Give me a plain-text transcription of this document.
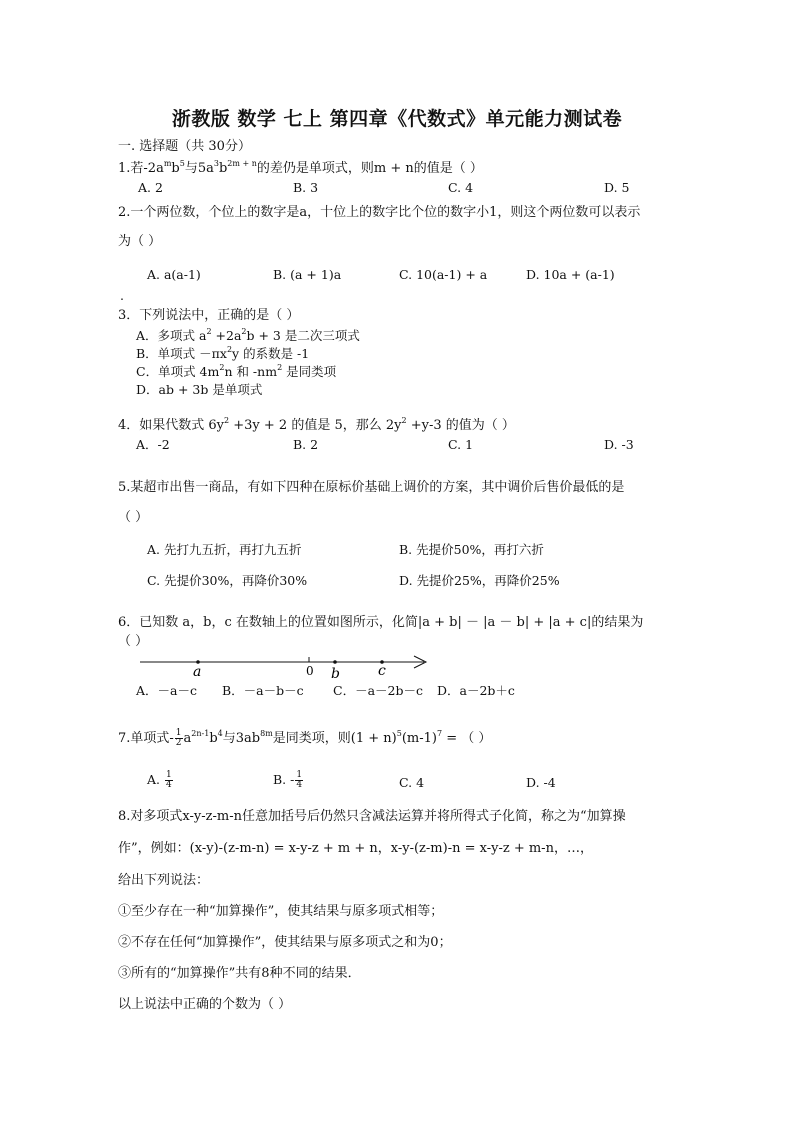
浙教版 数学 七上 第四章《代数式》单元能力测试卷
一. 选择题（共 30分）
1.若$-2a^mb^5$与$5a^3b^{2m + n}$的差仍是单项式，则m + n的值是（ ）
A. 2	B. 3	C. 4	D. 5
2.一个两位数，个位上的数字是a，十位上的数字比个位的数字小1，则这个两位数可以表示
为（ ）
A. a(a-1)	B. (a + 1)a	C. 10(a-1) + a	D. 10a + (a-1)
.
3．下列说法中，正确的是（ ）
A．多项式 $a^2 +2a^2b + 3$ 是二次三项式
B．单项式 $-\pi x^2y$ 的系数是 -1
C．单项式 $4m^2n$ 和 $-nm^2$ 是同类项
D．ab + 3b 是单项式
4．如果代数式 $6y^2 +3y + 2$ 的值是 5，那么 $2y^2 +y-3$ 的值为（ ）
A．-2	B. 2	C. 1	D. -3
5.某超市出售一商品，有如下四种在原标价基础上调价的方案，其中调价后售价最低的是
（ ）
A. 先打九五折，再打九五折	B. 先提价50%，再打六折
C. 先提价30%，再降价30%	D. 先提价25%，再降价25%
6．已知数 a，b，c 在数轴上的位置如图所示，化简|a + b| － |a － b| + |a + c|的结果为
（ ）
a	0 b	c
A．－a－c B．－a－b－c C．－a－2b－c D．a－2b＋c
7.单项式- $\frac{1}{2} a^{2n-1}b^4$与$3ab^{8m}$是同类项，则$(1 + n)^5(m-1)^7$ = （ ）
A. $\frac{1}{4}$	B. - $\frac{1}{4}$	C. 4	D. -4
8.对多项式x-y-z-m-n任意加括号后仍然只含减法运算并将所得式子化简，称之为“加算操
作”，例如：(x-y)-(z-m-n) = x-y-z + m + n，x-y-(z-m)-n = x-y-z + m-n，…，
给出下列说法：
①至少存在一种“加算操作”，使其结果与原多项式相等；
②不存在任何“加算操作”，使其结果与原多项式之和为0；
③所有的“加算操作”共有8种不同的结果．
以上说法中正确的个数为（ ）
